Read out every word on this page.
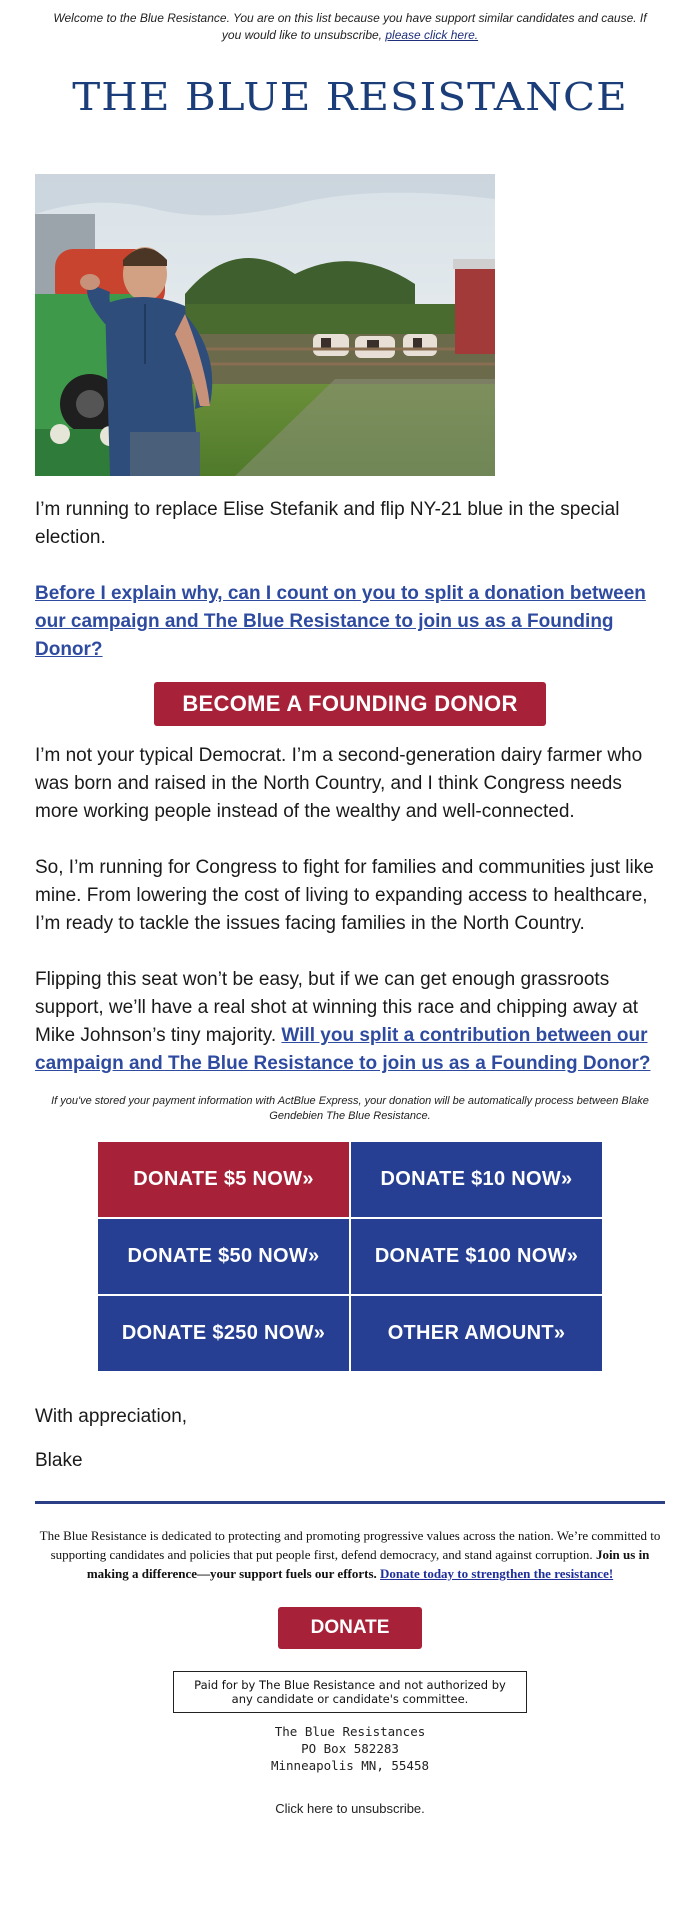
Welcome to the Blue Resistance. You are on this list because you have support similar candidates and cause. If you would like to unsubscribe, please click here.
THE BLUE RESISTANCE

I’m running to replace Elise Stefanik and flip NY-21 blue in the special election.

Before I explain why, can I count on you to split a donation between our campaign and The Blue Resistance to join us as a Founding Donor?

BECOME A FOUNDING DONOR

I’m not your typical Democrat. I’m a second-generation dairy farmer who was born and raised in the North Country, and I think Congress needs more working people instead of the wealthy and well-connected.

So, I’m running for Congress to fight for families and communities just like mine. From lowering the cost of living to expanding access to healthcare, I’m ready to tackle the issues facing families in the North Country.

Flipping this seat won’t be easy, but if we can get enough grassroots support, we’ll have a real shot at winning this race and chipping away at Mike Johnson’s tiny majority. Will you split a contribution between our campaign and The Blue Resistance to join us as a Founding Donor?

If you've stored your payment information with ActBlue Express, your donation will be automatically process between Blake Gendebien The Blue Resistance.
DONATE $5 NOW»	DONATE $10 NOW»
DONATE $50 NOW»	DONATE $100 NOW»
DONATE $250 NOW»	OTHER AMOUNT»

With appreciation,

Blake

The Blue Resistance is dedicated to protecting and promoting progressive values across the nation. We’re committed to supporting candidates and policies that put people first, defend democracy, and stand against corruption. Join us in making a difference—your support fuels our efforts. Donate today to strengthen the resistance!
DONATE
Paid for by The Blue Resistance and not authorized by any candidate or candidate's committee.
The Blue Resistances
PO Box 582283
Minneapolis MN, 55458
Click here to unsubscribe.
